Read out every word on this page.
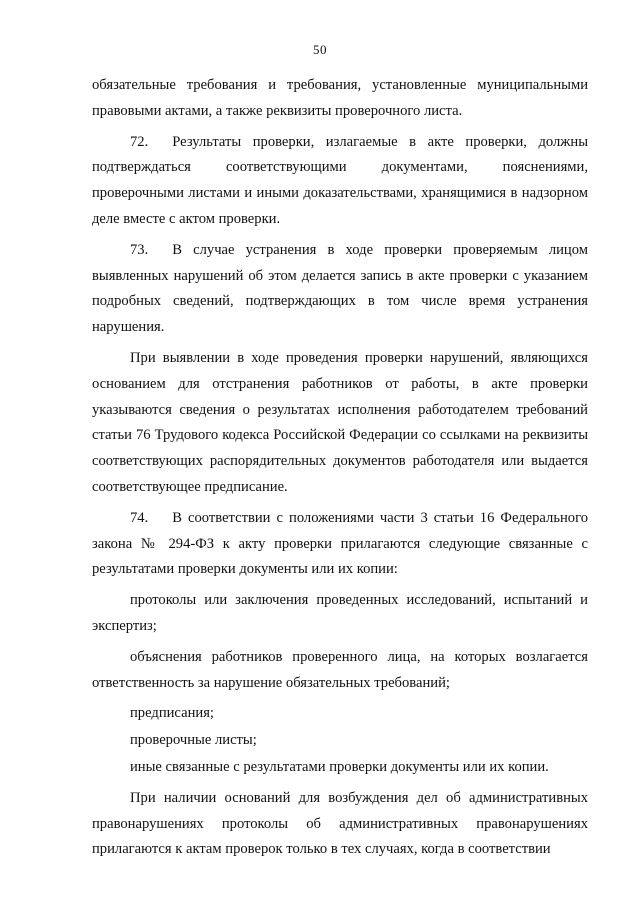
50

обязательные требования и требования, установленные муниципальными правовыми актами, а также реквизиты проверочного листа.

72. Результаты проверки, излагаемые в акте проверки, должны подтверждаться соответствующими документами, пояснениями, проверочными листами и иными доказательствами, хранящимися в надзорном деле вместе с актом проверки.

73. В случае устранения в ходе проверки проверяемым лицом выявленных нарушений об этом делается запись в акте проверки с указанием подробных сведений, подтверждающих в том числе время устранения нарушения.

При выявлении в ходе проведения проверки нарушений, являющихся основанием для отстранения работников от работы, в акте проверки указываются сведения о результатах исполнения работодателем требований статьи 76 Трудового кодекса Российской Федерации со ссылками на реквизиты соответствующих распорядительных документов работодателя или выдается соответствующее предписание.

74. В соответствии с положениями части 3 статьи 16 Федерального закона № 294-ФЗ к акту проверки прилагаются следующие связанные с результатами проверки документы или их копии:

протоколы или заключения проведенных исследований, испытаний и экспертиз;

объяснения работников проверенного лица, на которых возлагается ответственность за нарушение обязательных требований;

предписания;

проверочные листы;

иные связанные с результатами проверки документы или их копии.

При наличии оснований для возбуждения дел об административных правонарушениях протоколы об административных правонарушениях прилагаются к актам проверок только в тех случаях, когда в соответствии
